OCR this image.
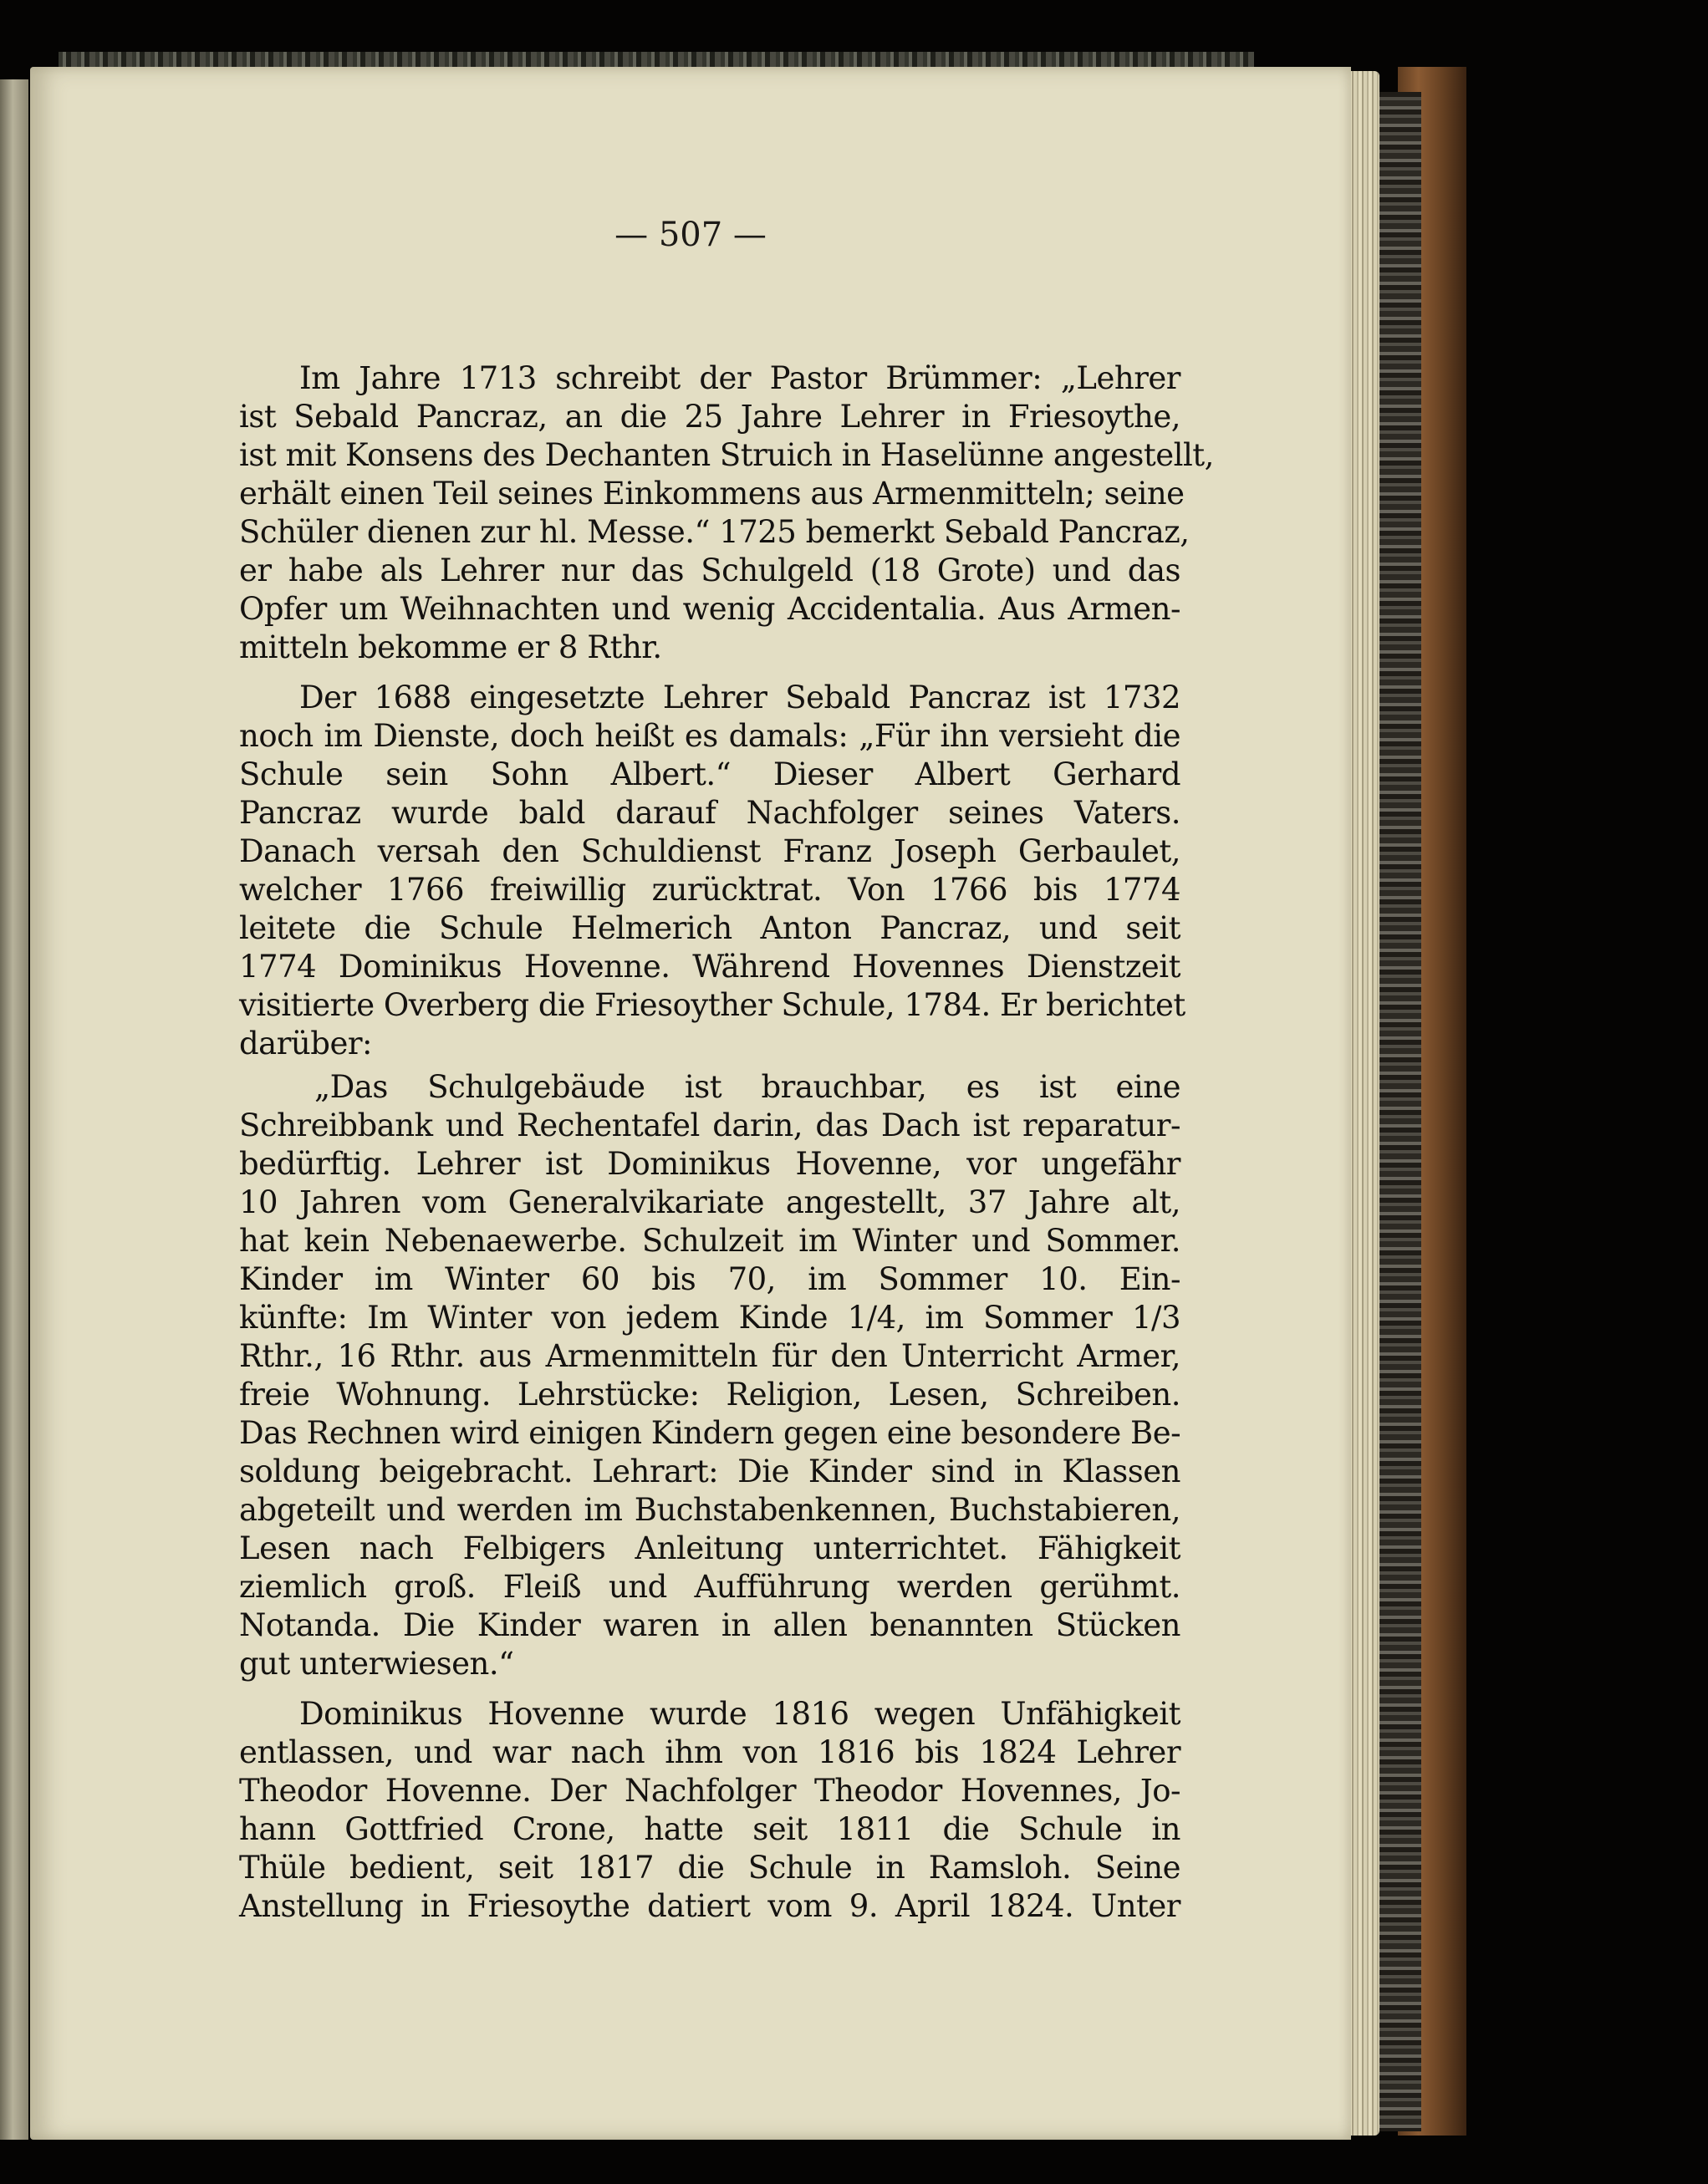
— 507 —
Im Jahre 1713 schreibt der Pastor Brümmer: „Lehrer
ist Sebald Pancraz, an die 25 Jahre Lehrer in Friesoythe,
ist mit Konsens des Dechanten Struich in Haselünne angestellt,
erhält einen Teil seines Einkommens aus Armenmitteln; seine
Schüler dienen zur hl. Messe.“ 1725 bemerkt Sebald Pancraz,
er habe als Lehrer nur das Schulgeld (18 Grote) und das
Opfer um Weihnachten und wenig Accidentalia. Aus Armen-
mitteln bekomme er 8 Rthr.
Der 1688 eingesetzte Lehrer Sebald Pancraz ist 1732
noch im Dienste, doch heißt es damals: „Für ihn versieht die
Schule sein Sohn Albert.“ Dieser Albert Gerhard
Pancraz wurde bald darauf Nachfolger seines Vaters.
Danach versah den Schuldienst Franz Joseph Gerbaulet,
welcher 1766 freiwillig zurücktrat. Von 1766 bis 1774
leitete die Schule Helmerich Anton Pancraz, und seit
1774 Dominikus Hovenne. Während Hovennes Dienstzeit
visitierte Overberg die Friesoyther Schule, 1784. Er berichtet
darüber:
„Das Schulgebäude ist brauchbar, es ist eine
Schreibbank und Rechentafel darin, das Dach ist reparatur-
bedürftig. Lehrer ist Dominikus Hovenne, vor ungefähr
10 Jahren vom Generalvikariate angestellt, 37 Jahre alt,
hat kein Nebenaewerbe. Schulzeit im Winter und Sommer.
Kinder im Winter 60 bis 70, im Sommer 10. Ein-
künfte: Im Winter von jedem Kinde 1/4, im Sommer 1/3
Rthr., 16 Rthr. aus Armenmitteln für den Unterricht Armer,
freie Wohnung. Lehrstücke: Religion, Lesen, Schreiben.
Das Rechnen wird einigen Kindern gegen eine besondere Be-
soldung beigebracht. Lehrart: Die Kinder sind in Klassen
abgeteilt und werden im Buchstabenkennen, Buchstabieren,
Lesen nach Felbigers Anleitung unterrichtet. Fähigkeit
ziemlich groß. Fleiß und Aufführung werden gerühmt.
Notanda. Die Kinder waren in allen benannten Stücken
gut unterwiesen.“
Dominikus Hovenne wurde 1816 wegen Unfähigkeit
entlassen, und war nach ihm von 1816 bis 1824 Lehrer
Theodor Hovenne. Der Nachfolger Theodor Hovennes, Jo-
hann Gottfried Crone, hatte seit 1811 die Schule in
Thüle bedient, seit 1817 die Schule in Ramsloh. Seine
Anstellung in Friesoythe datiert vom 9. April 1824. Unter
